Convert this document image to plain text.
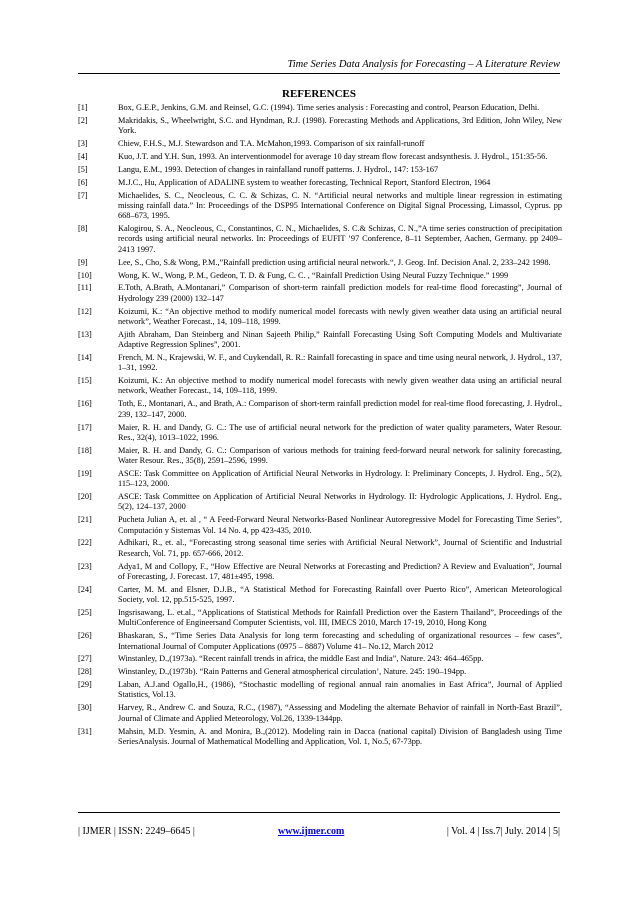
Time Series Data Analysis for Forecasting – A Literature Review
REFERENCES
[1]	Box, G.E.P., Jenkins, G.M. and Reinsel, G.C. (1994). Time series analysis : Forecasting and control, Pearson Education, Delhi.
[2]	Makridakis, S., Wheelwright, S.C. and Hyndman, R.J. (1998). Forecasting Methods and Applications, 3rd Edition, John Wiley, New York.
[3]	Chiew, F.H.S., M.J. Stewardson and T.A. McMahon,1993. Comparison of six rainfall-runoff
[4]	Kuo, J.T. and Y.H. Sun, 1993. An interventionmodel for average 10 day stream flow forecast andsynthesis. J. Hydrol., 151:35-56.
[5]	Langu, E.M., 1993. Detection of changes in rainfalland runoff patterns. J. Hydrol., 147: 153-167
[6]	M.J.C., Hu, Application of ADALINE system to weather forecasting, Technical Report, Stanford Electron, 1964
[7]	Michaelides, S. C., Neocleous, C. C. & Schizas, C. N. “Artificial neural networks and multiple linear regression in estimating missing rainfall data.” In: Proceedings of the DSP95 International Conference on Digital Signal Processing, Limassol, Cyprus. pp 668–673, 1995.
[8]	Kalogirou, S. A., Neocleous, C., Constantinos, C. N., Michaelides, S. C.& Schizas, C. N.,”A time series construction of precipitation records using artificial neural networks. In: Proceedings of EUFIT ’97 Conference, 8–11 September, Aachen, Germany. pp 2409–2413 1997.
[9]	Lee, S., Cho, S.& Wong, P.M.,”Rainfall prediction using artificial neural network.“, J. Geog. Inf. Decision Anal. 2, 233–242 1998.
[10]	Wong, K. W., Wong, P. M., Gedeon, T. D. & Fung, C. C. , “Rainfall Prediction Using Neural Fuzzy Technique.” 1999
[11]	E.Toth, A.Brath, A.Montanari,” Comparison of short-term rainfall prediction models for real-time flood forecasting”, Journal of Hydrology 239 (2000) 132–147
[12]	Koizumi, K.: “An objective method to modify numerical model forecasts with newly given weather data using an artificial neural network”, Weather Forecast., 14, 109–118, 1999.
[13]	Ajith Abraham, Dan Steinberg and Ninan Sajeeth Philip,” Rainfall Forecasting Using Soft Computing Models and Multivariate Adaptive Regression Splines”, 2001.
[14]	French, M. N., Krajewski, W. F., and Cuykendall, R. R.: Rainfall forecasting in space and time using neural network, J. Hydrol., 137, 1–31, 1992.
[15]	Koizumi, K.: An objective method to modify numerical model forecasts with newly given weather data using an artificial neural network, Weather Forecast., 14, 109–118, 1999.
[16]	Toth, E., Montanari, A., and Brath, A.: Comparison of short-term rainfall prediction model for real-time flood forecasting, J. Hydrol., 239, 132–147, 2000.
[17]	Maier, R. H. and Dandy, G. C.: The use of artificial neural network for the prediction of water quality parameters, Water Resour. Res., 32(4), 1013–1022, 1996.
[18]	Maier, R. H. and Dandy, G. C.: Comparison of various methods for training feed-forward neural network for salinity forecasting, Water Resour. Res., 35(8), 2591–2596, 1999.
[19]	ASCE: Task Committee on Application of Artificial Neural Networks in Hydrology. I: Preliminary Concepts, J. Hydrol. Eng., 5(2), 115–123, 2000.
[20]	ASCE: Task Committee on Application of Artificial Neural Networks in Hydrology. II: Hydrologic Applications, J. Hydrol. Eng., 5(2), 124–137, 2000
[21]	Pucheta Julian A, et. al , “ A Feed-Forward Neural Networks-Based Nonlinear Autoregressive Model for Forecasting Time Series”, Computación y Sistemas Vol. 14 No. 4, pp 423-435, 2010.
[22]	Adhikari, R., et. al., “Forecasting strong seasonal time series with Artificial Neural Network”, Journal of Scientific and Industrial Research, Vol. 71, pp. 657-666, 2012.
[23]	Adya1, M and Collopy, F., “How Effective are Neural Networks at Forecasting and Prediction? A Review and Evaluation”, Journal of Forecasting, J. Forecast. 17, 481±495, 1998.
[24]	Carter, M. M. and Elsner, D.J.B., “A Statistical Method for Forecasting Rainfall over Puerto Rico”, American Meteorological Society, vol. 12, pp.515-525, 1997.
[25]	Ingsrisawang, L. et.al., “Applications of Statistical Methods for Rainfall Prediction over the Eastern Thailand”, Proceedings of the MultiConference of Engineersand Computer Scientists, vol. III, IMECS 2010, March 17-19, 2010, Hong Kong
[26]	Bhaskaran, S., “Time Series Data Analysis for long term forecasting and scheduling of organizational resources – few cases”, International Journal of Computer Applications (0975 – 8887) Volume 41– No.12, March 2012
[27]	Winstanley, D.,(1973a). “Recent rainfall trends in africa, the middle East and India”, Nature. 243: 464–465pp.
[28]	Winstanley, D.,(1973b). “Rain Patterns and General atmospherical circulation’, Nature. 245: 190–194pp.
[29]	Laban, A.J.and Ogallo,H., (1986), “Stochastic modelling of regional annual rain anomalies in East Africa”, Journal of Applied Statistics, Vol.13.
[30]	Harvey, R., Andrew C. and Souza, R.C., (1987), “Assessing and Modeling the alternate Behavior of rainfall in North-East Brazil”, Journal of Climate and Applied Meteorology, Vol.26, 1339-1344pp.
[31]	Mahsin, M.D. Yesmin, A. and Monira, B.,(2012). Modeling rain in Dacca (national capital) Division of Bangladesh using Time SeriesAnalysis. Journal of Mathematical Modelling and Application, Vol. 1, No.5, 67-73pp.
| IJMER | ISSN: 2249–6645 |	www.ijmer.com	| Vol. 4 | Iss.7| July. 2014 | 5|
